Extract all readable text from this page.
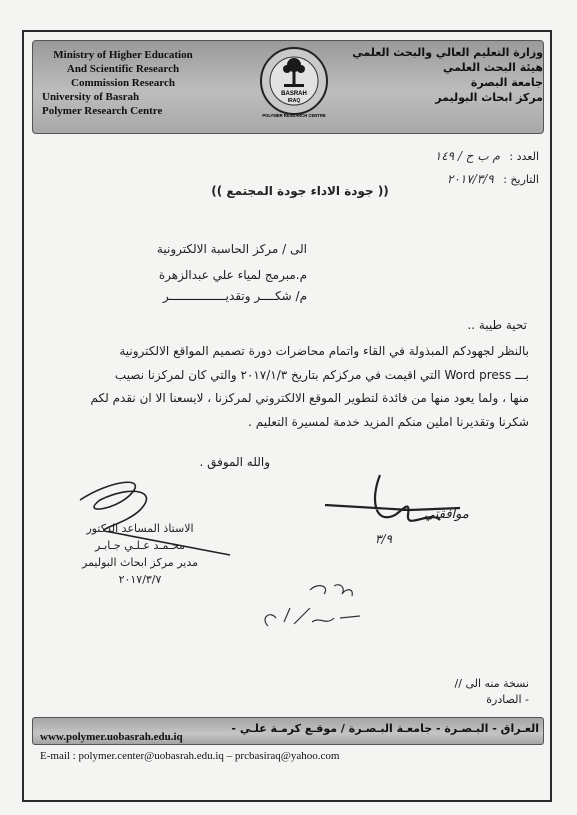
Ministry of Higher Education
And Scientific Research
Commission Research
University of Basrah
Polymer Research Centre
BASRAH
IRAQ
POLYMER RESEARCH CENTRE
وزارة التعليم العالي والبحث العلمي
هيئة البحث العلمي
جامعة البصرة
مركز ابحاث البوليمر
العدد : م ب ح / ١٤٩
التاريخ : ٢٠١٧/٣/٩
(( جودة الاداء جودة المجتمع ))
الى / مركز الحاسبة الالكترونية
م.مبرمج لمياء علي عبدالزهرة
م/ شكــــر وتقديــــــــــــــــر
تحية طيبة ..
بالنظر لجهودكم المبذولة في القاء واتمام محاضرات دورة تصميم المواقع الالكترونية
بـــ Word press التي اقيمت في مركزكم بتاريخ ٢٠١٧/١/٣ والتي كان لمركزنا نصيب
منها ، ولما يعود منها من فائدة لتطوير الموقع الالكتروني لمركزنا ، لايسعنا الا ان نقدم لكم
شكرنا وتقديرنا املين منكم المزيد خدمة لمسيرة التعليم .
والله الموفق .
الاستاذ المساعد الدكتور
محـمـد عـلـي جـابـر
مدير مركز ابحاث البوليمر
٢٠١٧/٣/٧
موافقتي
٣/٩
نسخة منه الى //
- الصادرة
العـراق - البـصـرة - جامعـة البـصـرة / موقـع كرمـة علـي -
www.polymer.uobasrah.edu.iq
E-mail : polymer.center@uobasrah.edu.iq – prcbasiraq@yahoo.com
